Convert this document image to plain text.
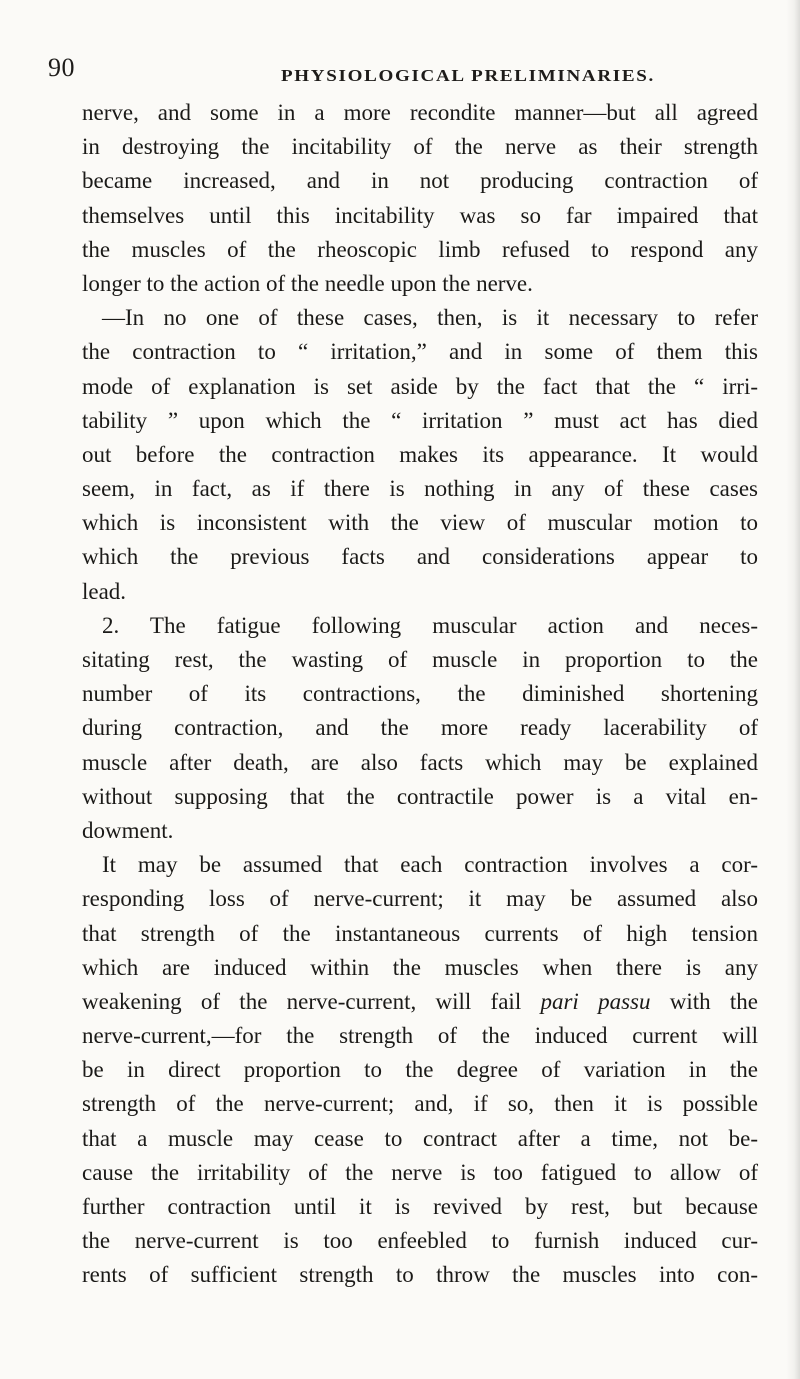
90	PHYSIOLOGICAL PRELIMINARIES.
nerve, and some in a more recondite manner—but all agreed
in destroying the incitability of the nerve as their strength
became increased, and in not producing contraction of
themselves until this incitability was so far impaired that
the muscles of the rheoscopic limb refused to respond any
longer to the action of the needle upon the nerve.
—In no one of these cases, then, is it necessary to refer
the contraction to “ irritation,” and in some of them this
mode of explanation is set aside by the fact that the “ irri-
tability ” upon which the “ irritation ” must act has died
out before the contraction makes its appearance. It would
seem, in fact, as if there is nothing in any of these cases
which is inconsistent with the view of muscular motion to
which the previous facts and considerations appear to
lead.
2. The fatigue following muscular action and neces-
sitating rest, the wasting of muscle in proportion to the
number of its contractions, the diminished shortening
during contraction, and the more ready lacerability of
muscle after death, are also facts which may be explained
without supposing that the contractile power is a vital en-
dowment.
It may be assumed that each contraction involves a cor-
responding loss of nerve-current; it may be assumed also
that strength of the instantaneous currents of high tension
which are induced within the muscles when there is any
weakening of the nerve-current, will fail pari passu with the
nerve-current,—for the strength of the induced current will
be in direct proportion to the degree of variation in the
strength of the nerve-current; and, if so, then it is possible
that a muscle may cease to contract after a time, not be-
cause the irritability of the nerve is too fatigued to allow of
further contraction until it is revived by rest, but because
the nerve-current is too enfeebled to furnish induced cur-
rents of sufficient strength to throw the muscles into con-
